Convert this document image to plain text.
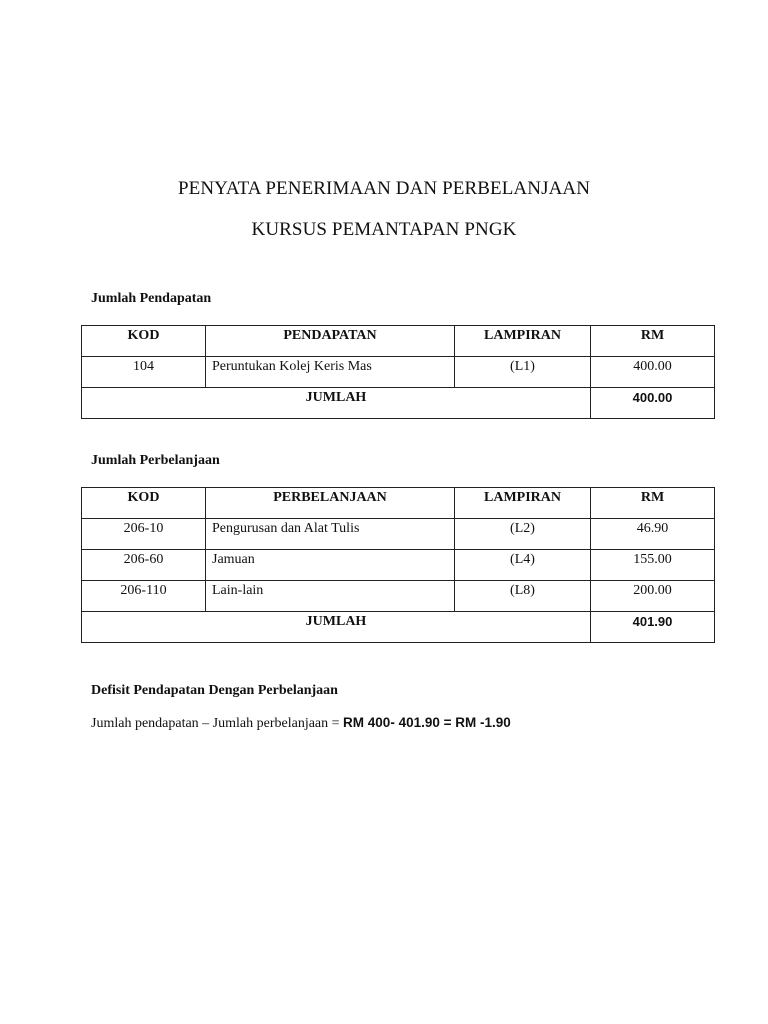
PENYATA PENERIMAAN DAN PERBELANJAAN
KURSUS PEMANTAPAN PNGK
Jumlah Pendapatan
KOD	PENDAPATAN	LAMPIRAN	RM
104	Peruntukan Kolej Keris Mas	(L1)	400.00
JUMLAH			400.00
Jumlah Perbelanjaan
KOD	PERBELANJAAN	LAMPIRAN	RM
206-10	Pengurusan dan Alat Tulis	(L2)	46.90
206-60	Jamuan	(L4)	155.00
206-110	Lain-lain	(L8)	200.00
JUMLAH			401.90
Defisit Pendapatan Dengan Perbelanjaan
Jumlah pendapatan – Jumlah perbelanjaan = RM 400- 401.90 = RM -1.90
